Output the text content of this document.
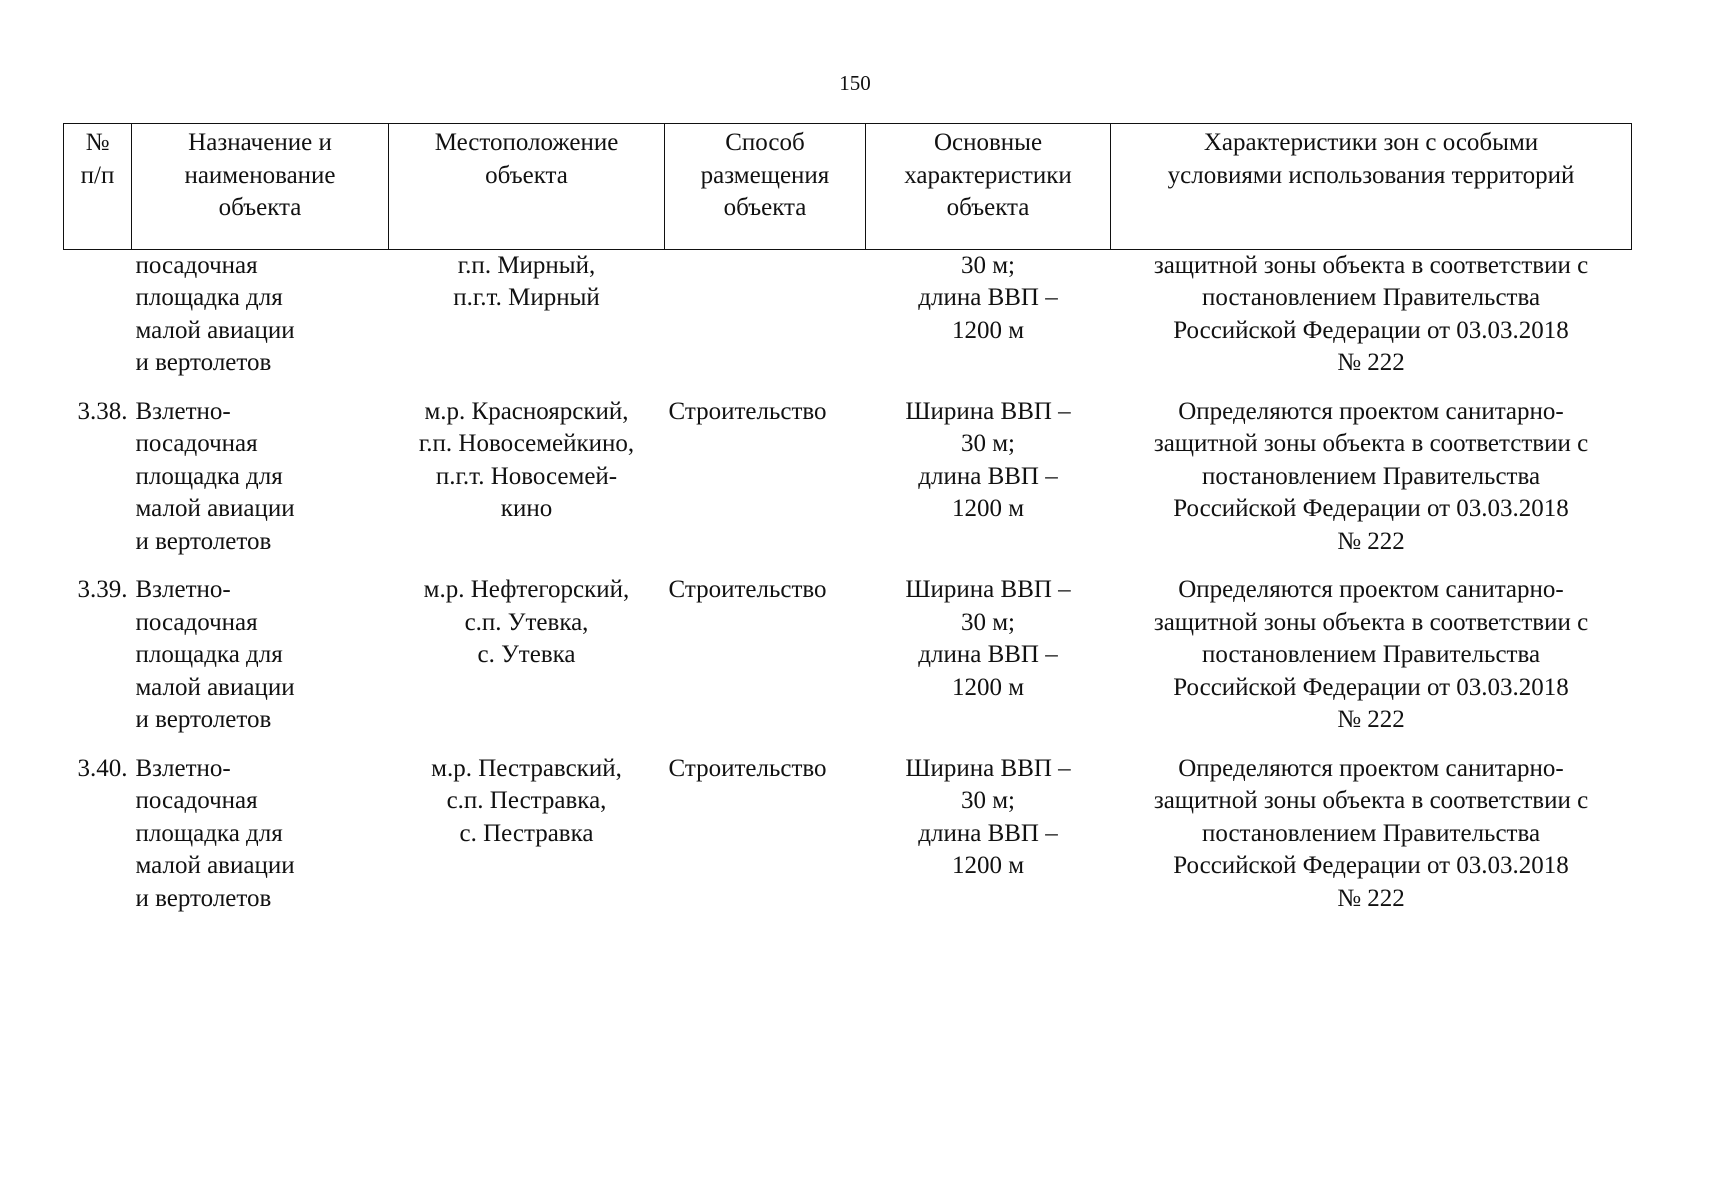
150
№
п/п	Назначение и
наименование
объекта	Местоположение
объекта	Способ
размещения
объекта	Основные
характеристики
объекта	Характеристики зон с особыми
условиями использования территорий

	посадочная
площадка для
малой авиации
и вертолетов	г.п. Мирный,
п.г.т. Мирный		30 м;
длина ВВП –
1200 м	защитной зоны объекта в соответствии с
постановлением Правительства
Российской Федерации от 03.03.2018
№ 222

3.38.	Взлетно-
посадочная
площадка для
малой авиации
и вертолетов	м.р. Красноярский,
г.п. Новосемейкино,
п.г.т. Новосемей-
кино	Строительство	Ширина ВВП –
30 м;
длина ВВП –
1200 м	Определяются проектом санитарно-
защитной зоны объекта в соответствии с
постановлением Правительства
Российской Федерации от 03.03.2018
№ 222

3.39.	Взлетно-
посадочная
площадка для
малой авиации
и вертолетов	м.р. Нефтегорский,
с.п. Утевка,
с. Утевка	Строительство	Ширина ВВП –
30 м;
длина ВВП –
1200 м	Определяются проектом санитарно-
защитной зоны объекта в соответствии с
постановлением Правительства
Российской Федерации от 03.03.2018
№ 222

3.40.	Взлетно-
посадочная
площадка для
малой авиации
и вертолетов	м.р. Пестравский,
с.п. Пестравка,
с. Пестравка	Строительство	Ширина ВВП –
30 м;
длина ВВП –
1200 м	Определяются проектом санитарно-
защитной зоны объекта в соответствии с
постановлением Правительства
Российской Федерации от 03.03.2018
№ 222
